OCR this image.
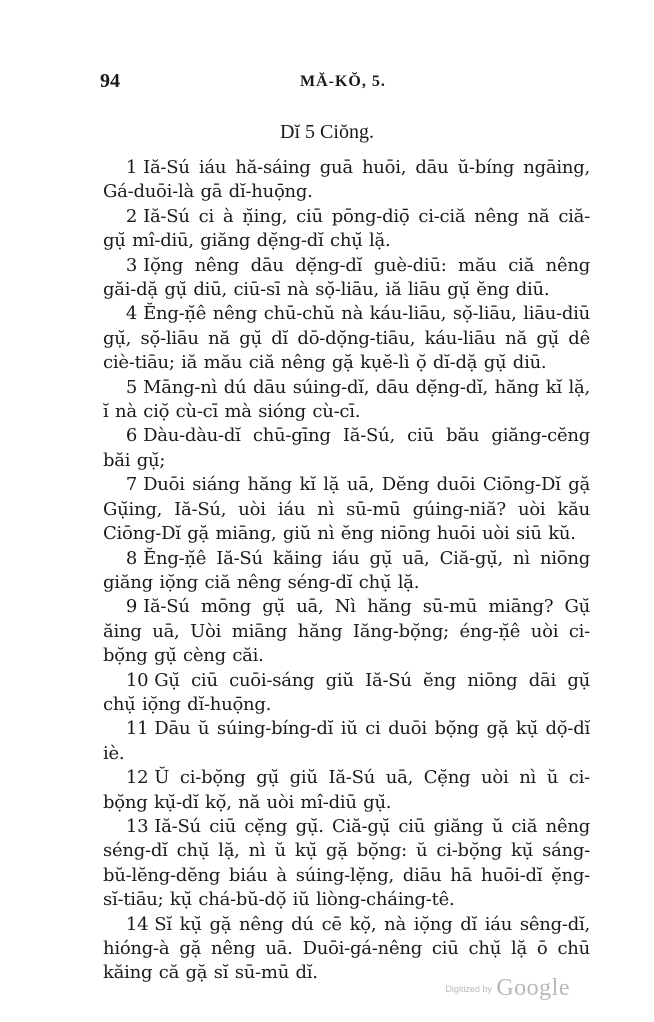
94	MĂ-KŎ, 5.
Dĭ 5 Ciŏng.

1 Iă-Sú iáu hă-sáing guā huōi, dāu ŭ-bíng ngāing, Gá-duōi-là gā dĭ-huọ̄ng.

2 Iă-Sú ci à ṇ̆ing, ciū pōng-diọ̄ ci-ciă nêng nă ciă-gụ̆ mî-diū, giăng dẹ̆ng-dĭ chụ̆ lặ.

3 Iọ̆ng nêng dāu dẹ̆ng-dĭ guè-diū: mău ciă nêng găi-dặ gụ̆ diū, ciū-sī nà sọ̆-liāu, iă liāu gụ̆ ĕng diū.

4 Ĕng-ṇ̆ê nêng chū-chŭ nà káu-liāu, sọ̆-liāu, liāu-diū gụ̆, sọ̆-liāu nă gụ̆ dĭ dō-dọ̆ng-tiāu, káu-liāu nă gụ̆ dê ciè-tiāu; iă mău ciă nêng gặ kụĕ-lì ọ̆ dĭ-dặ gụ̆ diū.

5 Māng-nì dú dāu súing-dĭ, dāu dẹ̆ng-dĭ, hăng kĭ lặ, ĭ nà ciọ̆ cù-cī mà sióng cù-cī.

6 Dàu-dàu-dĭ chū-gīng Iă-Sú, ciū bău giăng-cĕng băi gụ̆;

7 Duōi siáng hăng kĭ lặ uā, Dĕng duōi Ciōng-Dĭ gặ Gụ̆ing, Iă-Sú, uòi iáu nì sū-mū gúing-niă? uòi kău Ciōng-Dĭ gặ miāng, giŭ nì ĕng niōng huōi uòi siū kŭ.

8 Ĕng-ṇ̆ê Iă-Sú kăing iáu gụ̆ uā, Ciă-gụ̆, nì niōng giăng iọ̆ng ciă nêng séng-dĭ chụ̆ lặ.

9 Iă-Sú mōng gụ̆ uā, Nì hăng sū-mū miāng? Gụ̆ ăing uā, Uòi miāng hăng Iăng-bọ̆ng; éng-ṇ̆ê uòi ci-bọ̆ng gụ̆ cèng căi.

10 Gụ̆ ciū cuōi-sáng giŭ Iă-Sú ĕng niōng dāi gụ̆ chụ̆ iọ̆ng dĭ-huọ̄ng.

11 Dāu ŭ súing-bíng-dĭ iŭ ci duōi bọ̆ng gặ kụ̆ dọ̆-dĭ iè.

12 Ŭ ci-bọ̆ng gụ̆ giŭ Iă-Sú uā, Cẹ̆ng uòi nì ŭ ci-bọ̆ng kụ̆-dĭ kọ̆, nă uòi mî-diū gụ̆.

13 Iă-Sú ciū cẹ̆ng gụ̆. Ciă-gụ̆ ciū giăng ŭ ciă nêng séng-dĭ chụ̆ lặ, nì ŭ kụ̆ gặ bọ̆ng: ŭ ci-bọ̆ng kụ̆ sáng-bŭ-lĕng-dĕng biáu à súing-lẹ̆ng, diāu hā huōi-dĭ ẹ̆ng-sĭ-tiāu; kụ̆ chá-bŭ-dọ̆ iŭ liòng-cháing-tê.

14 Sĭ kụ̆ gặ nêng dú cē kọ̆, nà iọ̆ng dĭ iáu sêng-dĭ, hióng-à gặ nêng uā. Duōi-gá-nêng ciū chụ̆ lặ ō chū kăing că gặ sĭ sū-mū dĭ.

Digitized by Google
